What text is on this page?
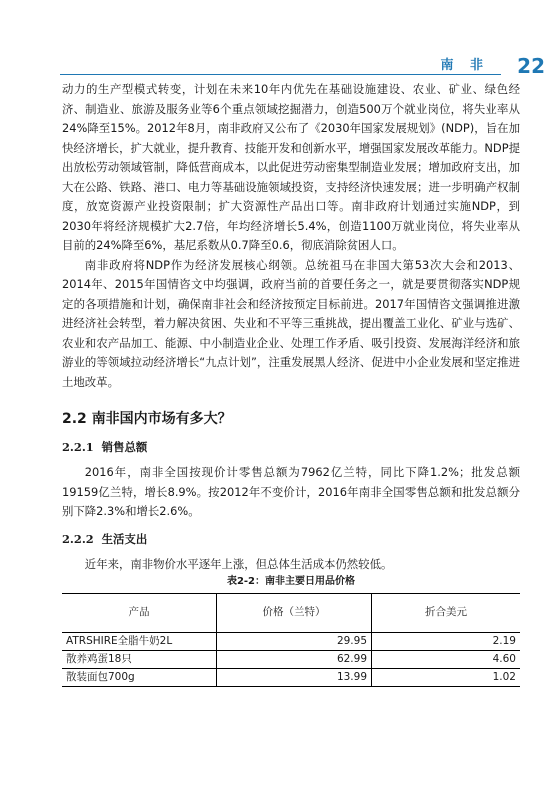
南 非 22

动力的生产型模式转变，计划在未来10年内优先在基础设施建设、农业、矿业、绿色经济、制造业、旅游及服务业等6个重点领域挖掘潜力，创造500万个就业岗位，将失业率从24%降至15%。2012年8月，南非政府又公布了《2030年国家发展规划》(NDP)，旨在加快经济增长，扩大就业，提升教育、技能开发和创新水平，增强国家发展改革能力。NDP提出放松劳动领域管制，降低营商成本，以此促进劳动密集型制造业发展；增加政府支出，加大在公路、铁路、港口、电力等基础设施领域投资，支持经济快速发展；进一步明确产权制度，放宽资源产业投资限制；扩大资源性产品出口等。南非政府计划通过实施NDP，到2030年将经济规模扩大2.7倍，年均经济增长5.4%，创造1100万就业岗位，将失业率从目前的24%降至6%，基尼系数从0.7降至0.6，彻底消除贫困人口。

南非政府将NDP作为经济发展核心纲领。总统祖马在非国大第53次大会和2013、2014年、2015年国情咨文中均强调，政府当前的首要任务之一，就是要贯彻落实NDP规定的各项措施和计划，确保南非社会和经济按预定目标前进。2017年国情咨文强调推进激进经济社会转型，着力解决贫困、失业和不平等三重挑战，提出覆盖工业化、矿业与选矿、农业和农产品加工、能源、中小制造业企业、处理工作矛盾、吸引投资、发展海洋经济和旅游业的等领域拉动经济增长“九点计划”，注重发展黑人经济、促进中小企业发展和坚定推进土地改革。

2.2 南非国内市场有多大？
2.2.1 销售总额

2016年，南非全国按现价计零售总额为7962亿兰特，同比下降1.2%；批发总额19159亿兰特，增长8.9%。按2012年不变价计，2016年南非全国零售总额和批发总额分别下降2.3%和增长2.6%。

2.2.2 生活支出

近年来，南非物价水平逐年上涨，但总体生活成本仍然较低。

表2-2：南非主要日用品价格
产品	价格（兰特）	折合美元
ATRSHIRE全脂牛奶2L	29.95	2.19
散养鸡蛋18只	62.99	4.60
散装面包700g	13.99	1.02
